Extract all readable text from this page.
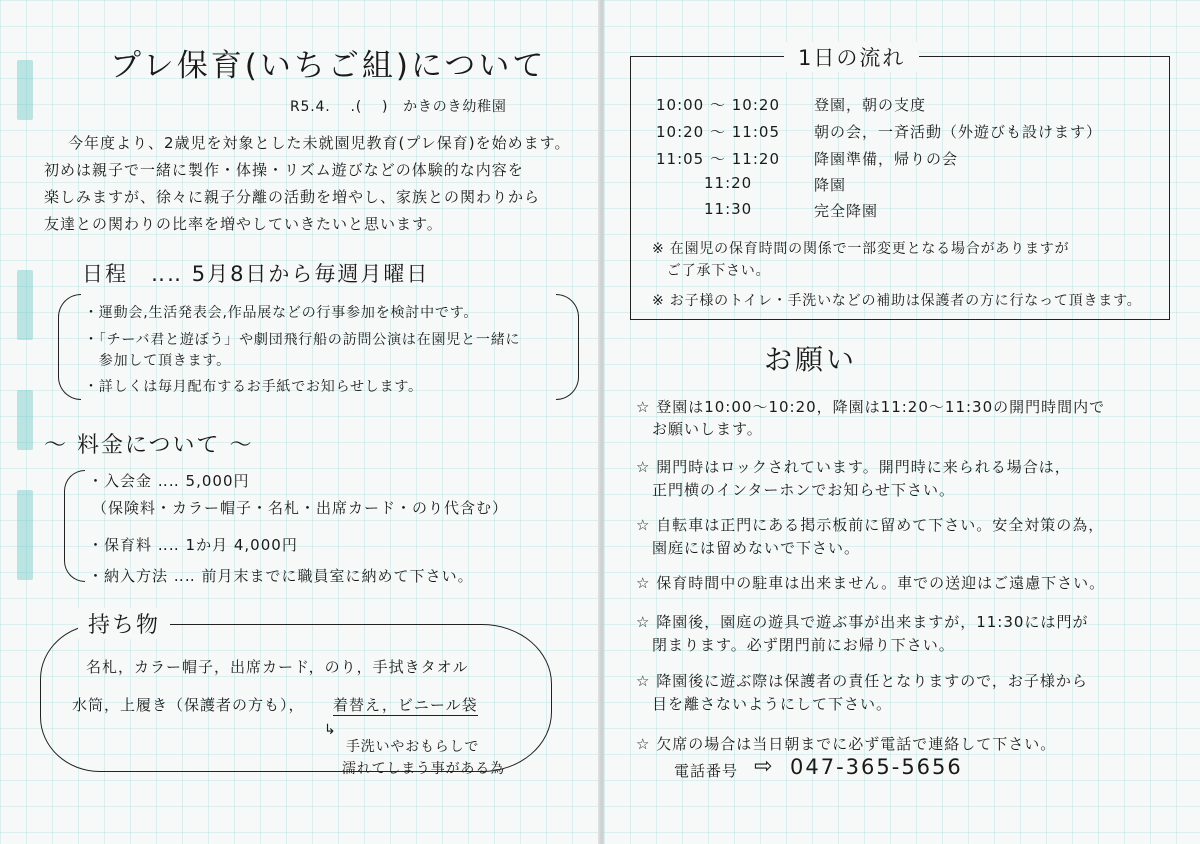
プレ保育(いちご組)について
R5.4.　 .(　 )　かきのき幼稚園
今年度より、2歳児を対象とした未就園児教育(プレ保育)を始めます。
初めは親子で一緒に製作・体操・リズム遊びなどの体験的な内容を
楽しみますが、徐々に親子分離の活動を増やし、家族との関わりから
友達との関わりの比率を増やしていきたいと思います。
日程　‥‥ 5月8日から毎週月曜日
・運動会,生活発表会,作品展などの行事参加を検討中です。
・「チーバ君と遊ぼう」や劇団飛行船の訪問公演は在園児と一緒に
　参加して頂きます。
・詳しくは毎月配布するお手紙でお知らせします。
〜 料金について 〜
・入会金 ‥‥ 5,000円
（保険料・カラー帽子・名札・出席カード・のり代含む）
・保育料 ‥‥ 1か月 4,000円
・納入方法 ‥‥ 前月末までに職員室に納めて下さい。
持ち物
名札，カラー帽子，出席カード，のり，手拭きタオル
水筒，上履き（保護者の方も）， 着替え，ビニール袋
↳
手洗いやおもらしで
濡れてしまう事がある為
1日の流れ
10:00 〜 10:20 登園，朝の支度
10:20 〜 11:05 朝の会，一斉活動（外遊びも設けます）
11:05 〜 11:20 降園準備，帰りの会
11:20	降園
11:30	完全降園
※ 在園児の保育時間の関係で一部変更となる場合がありますが
　ご了承下さい。
※ お子様のトイレ・手洗いなどの補助は保護者の方に行なって頂きます。
お願い
☆ 登園は10:00〜10:20，降園は11:20〜11:30の開門時間内で
　お願いします。
☆ 開門時はロックされています。開門時に来られる場合は，
　正門横のインターホンでお知らせ下さい。
☆ 自転車は正門にある掲示板前に留めて下さい。安全対策の為，
　園庭には留めないで下さい。
☆ 保育時間中の駐車は出来ません。車での送迎はご遠慮下さい。
☆ 降園後，園庭の遊具で遊ぶ事が出来ますが，11:30には門が
　閉まります。必ず閉門前にお帰り下さい。
☆ 降園後に遊ぶ際は保護者の責任となりますので，お子様から
　目を離さないようにして下さい。
☆ 欠席の場合は当日朝までに必ず電話で連絡して下さい。
電話番号 ⇨ 047-365-5656
